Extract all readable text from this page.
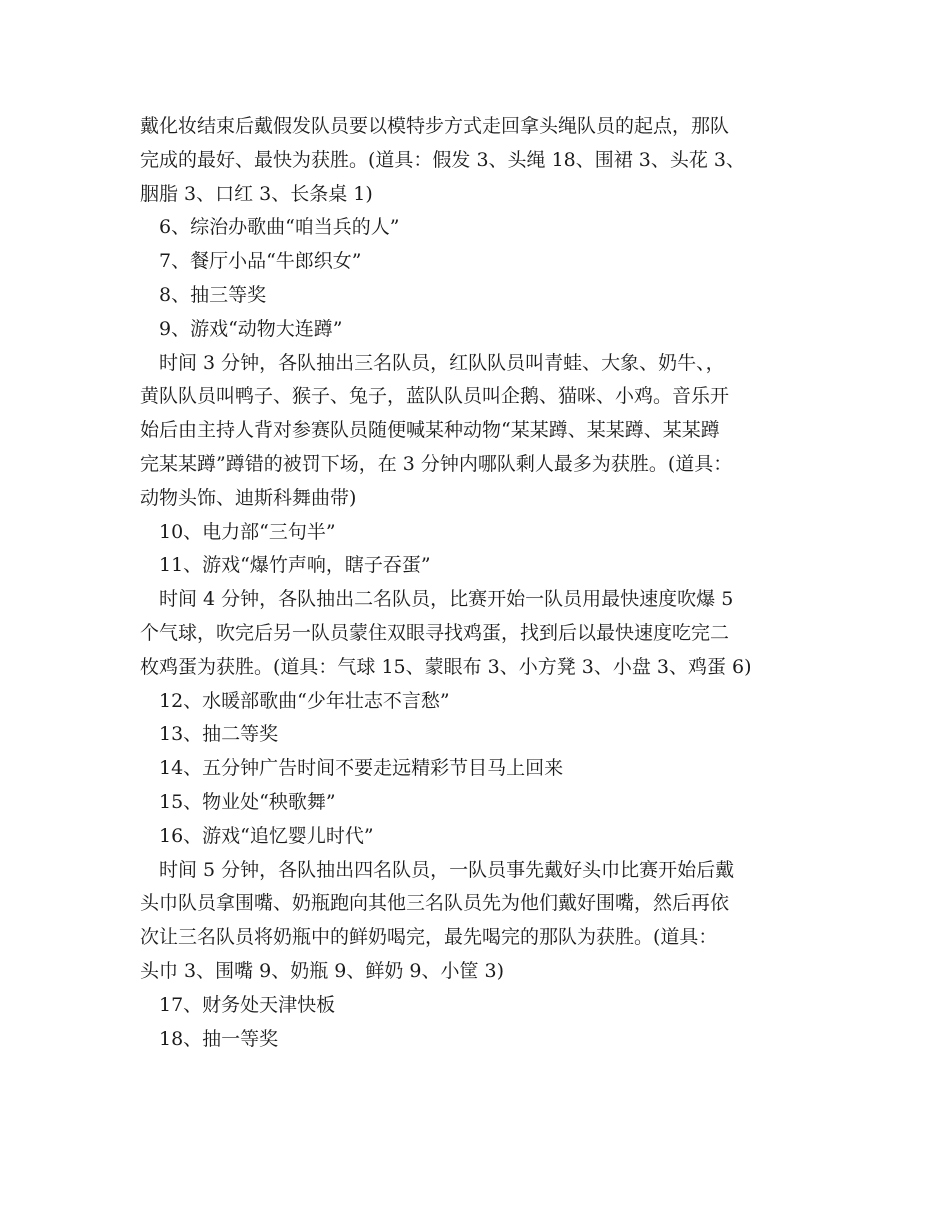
戴化妆结束后戴假发队员要以模特步方式走回拿头绳队员的起点，那队

完成的最好、最快为获胜。(道具：假发 3、头绳 18、围裙 3、头花 3、

胭脂 3、口红 3、长条桌 1)

6、综治办歌曲“咱当兵的人”

7、餐厅小品“牛郎织女”

8、抽三等奖

9、游戏“动物大连蹲”

时间 3 分钟，各队抽出三名队员，红队队员叫青蛙、大象、奶牛、，

黄队队员叫鸭子、猴子、兔子，蓝队队员叫企鹅、猫咪、小鸡。音乐开

始后由主持人背对参赛队员随便喊某种动物“某某蹲、某某蹲、某某蹲

完某某蹲”蹲错的被罚下场，在 3 分钟内哪队剩人最多为获胜。(道具：

动物头饰、迪斯科舞曲带)

10、电力部“三句半”

11、游戏“爆竹声响，瞎子吞蛋”

时间 4 分钟，各队抽出二名队员，比赛开始一队员用最快速度吹爆 5

个气球，吹完后另一队员蒙住双眼寻找鸡蛋，找到后以最快速度吃完二

枚鸡蛋为获胜。(道具：气球 15、蒙眼布 3、小方凳 3、小盘 3、鸡蛋 6)

12、水暖部歌曲“少年壮志不言愁”

13、抽二等奖

14、五分钟广告时间不要走远精彩节目马上回来

15、物业处“秧歌舞”

16、游戏“追忆婴儿时代”

时间 5 分钟，各队抽出四名队员，一队员事先戴好头巾比赛开始后戴

头巾队员拿围嘴、奶瓶跑向其他三名队员先为他们戴好围嘴，然后再依

次让三名队员将奶瓶中的鲜奶喝完，最先喝完的那队为获胜。(道具：

头巾 3、围嘴 9、奶瓶 9、鲜奶 9、小筐 3)

17、财务处天津快板

18、抽一等奖
